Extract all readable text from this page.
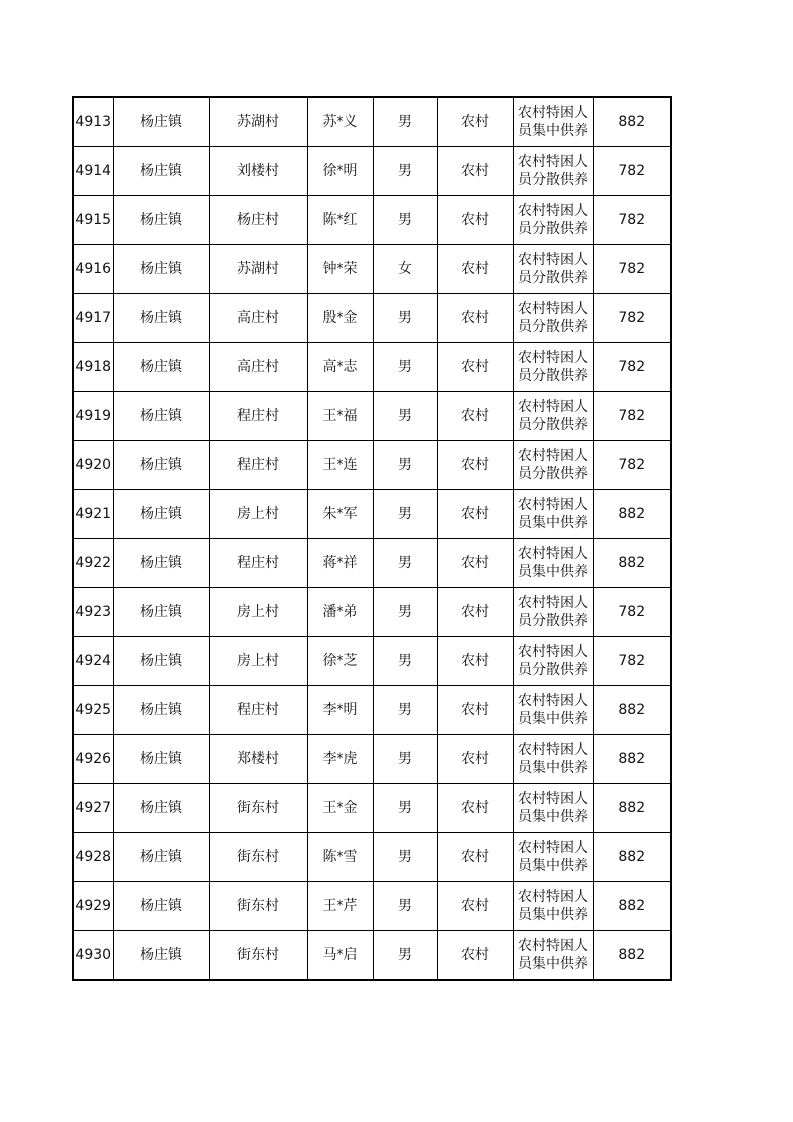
4913	杨庄镇	苏湖村	苏*义	男	农村	农村特困人员集中供养	882
4914	杨庄镇	刘楼村	徐*明	男	农村	农村特困人员分散供养	782
4915	杨庄镇	杨庄村	陈*红	男	农村	农村特困人员分散供养	782
4916	杨庄镇	苏湖村	钟*荣	女	农村	农村特困人员分散供养	782
4917	杨庄镇	高庄村	殷*金	男	农村	农村特困人员分散供养	782
4918	杨庄镇	高庄村	高*志	男	农村	农村特困人员分散供养	782
4919	杨庄镇	程庄村	王*福	男	农村	农村特困人员分散供养	782
4920	杨庄镇	程庄村	王*连	男	农村	农村特困人员分散供养	782
4921	杨庄镇	房上村	朱*军	男	农村	农村特困人员集中供养	882
4922	杨庄镇	程庄村	蒋*祥	男	农村	农村特困人员集中供养	882
4923	杨庄镇	房上村	潘*弟	男	农村	农村特困人员分散供养	782
4924	杨庄镇	房上村	徐*芝	男	农村	农村特困人员分散供养	782
4925	杨庄镇	程庄村	李*明	男	农村	农村特困人员集中供养	882
4926	杨庄镇	郑楼村	李*虎	男	农村	农村特困人员集中供养	882
4927	杨庄镇	街东村	王*金	男	农村	农村特困人员集中供养	882
4928	杨庄镇	街东村	陈*雪	男	农村	农村特困人员集中供养	882
4929	杨庄镇	街东村	王*芹	男	农村	农村特困人员集中供养	882
4930	杨庄镇	街东村	马*启	男	农村	农村特困人员集中供养	882
